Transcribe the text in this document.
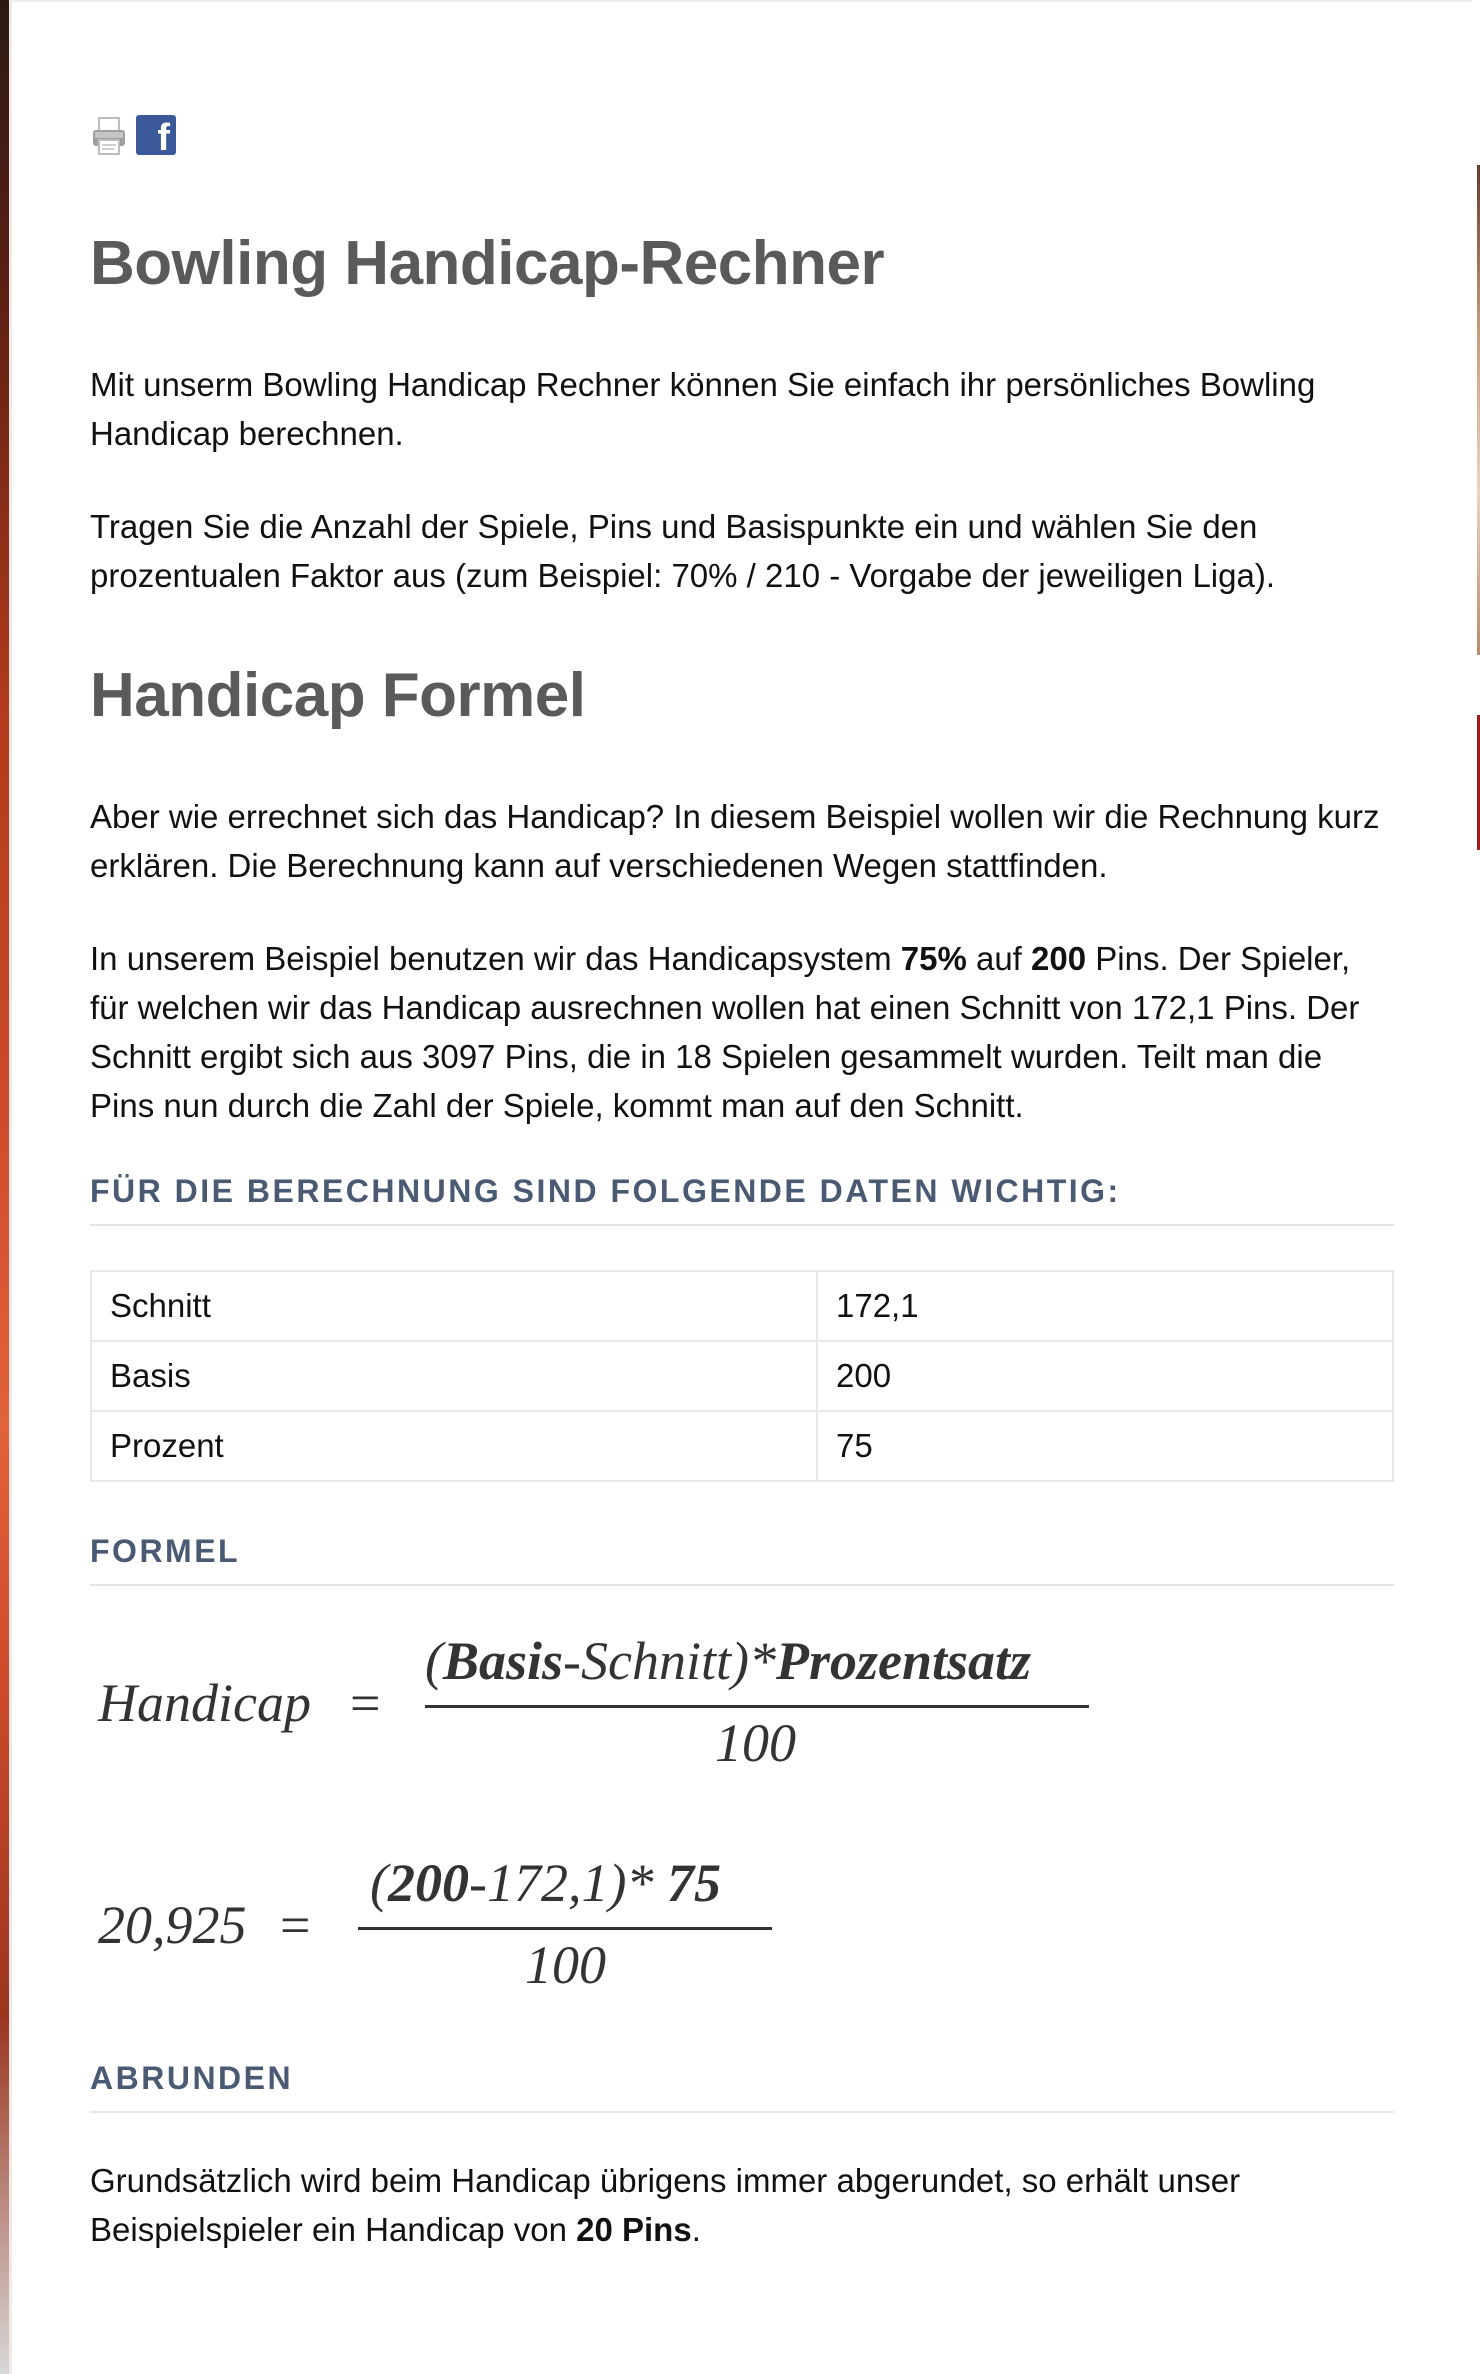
f
Bowling Handicap-Rechner

Mit unserm Bowling Handicap Rechner können Sie einfach ihr persönliches Bowling Handicap berechnen.

Tragen Sie die Anzahl der Spiele, Pins und Basispunkte ein und wählen Sie den prozentualen Faktor aus (zum Beispiel: 70% / 210 - Vorgabe der jeweiligen Liga).

Handicap Formel

Aber wie errechnet sich das Handicap? In diesem Beispiel wollen wir die Rechnung kurz erklären. Die Berechnung kann auf verschiedenen Wegen stattfinden.

In unserem Beispiel benutzen wir das Handicapsystem 75% auf 200 Pins. Der Spieler, für welchen wir das Handicap ausrechnen wollen hat einen Schnitt von 172,1 Pins. Der Schnitt ergibt sich aus 3097 Pins, die in 18 Spielen gesammelt wurden. Teilt man die Pins nun durch die Zahl der Spiele, kommt man auf den Schnitt.

FÜR DIE BERECHNUNG SIND FOLGENDE DATEN WICHTIG:
Schnitt	172,1
Basis	200
Prozent	75
FORMEL
Handicap =
(Basis-Schnitt)*Prozentsatz
100
20,925 =
(200-172,1)* 75
100
ABRUNDEN

Grundsätzlich wird beim Handicap übrigens immer abgerundet, so erhält unser Beispielspieler ein Handicap von 20 Pins.
